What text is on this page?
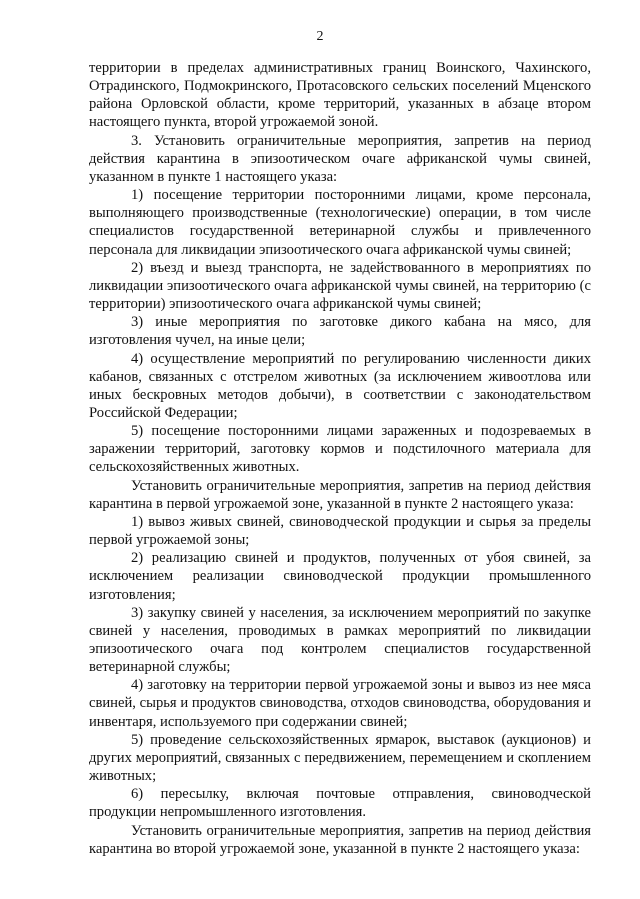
2

территории в пределах административных границ Воинского, Чахинского, Отрадинского, Подмокринского, Протасовского сельских поселений Мценского района Орловской области, кроме территорий, указанных в абзаце втором настоящего пункта, второй угрожаемой зоной.

3. Установить ограничительные мероприятия, запретив на период действия карантина в эпизоотическом очаге африканской чумы свиней, указанном в пункте 1 настоящего указа:

1) посещение территории посторонними лицами, кроме персонала, выполняющего производственные (технологические) операции, в том числе специалистов государственной ветеринарной службы и привлеченного персонала для ликвидации эпизоотического очага африканской чумы свиней;

2) въезд и выезд транспорта, не задействованного в мероприятиях по ликвидации эпизоотического очага африканской чумы свиней, на территорию (с территории) эпизоотического очага африканской чумы свиней;

3) иные мероприятия по заготовке дикого кабана на мясо, для изготовления чучел, на иные цели;

4) осуществление мероприятий по регулированию численности диких кабанов, связанных с отстрелом животных (за исключением живоотлова или иных бескровных методов добычи), в соответствии с законодательством Российской Федерации;

5) посещение посторонними лицами зараженных и подозреваемых в заражении территорий, заготовку кормов и подстилочного материала для сельскохозяйственных животных.

Установить ограничительные мероприятия, запретив на период действия карантина в первой угрожаемой зоне, указанной в пункте 2 настоящего указа:

1) вывоз живых свиней, свиноводческой продукции и сырья за пределы первой угрожаемой зоны;

2) реализацию свиней и продуктов, полученных от убоя свиней, за исключением реализации свиноводческой продукции промышленного изготовления;

3) закупку свиней у населения, за исключением мероприятий по закупке свиней у населения, проводимых в рамках мероприятий по ликвидации эпизоотического очага под контролем специалистов государственной ветеринарной службы;

4) заготовку на территории первой угрожаемой зоны и вывоз из нее мяса свиней, сырья и продуктов свиноводства, отходов свиноводства, оборудования и инвентаря, используемого при содержании свиней;

5) проведение сельскохозяйственных ярмарок, выставок (аукционов) и других мероприятий, связанных с передвижением, перемещением и скоплением животных;

6) пересылку, включая почтовые отправления, свиноводческой продукции непромышленного изготовления.

Установить ограничительные мероприятия, запретив на период действия карантина во второй угрожаемой зоне, указанной в пункте 2 настоящего указа:
